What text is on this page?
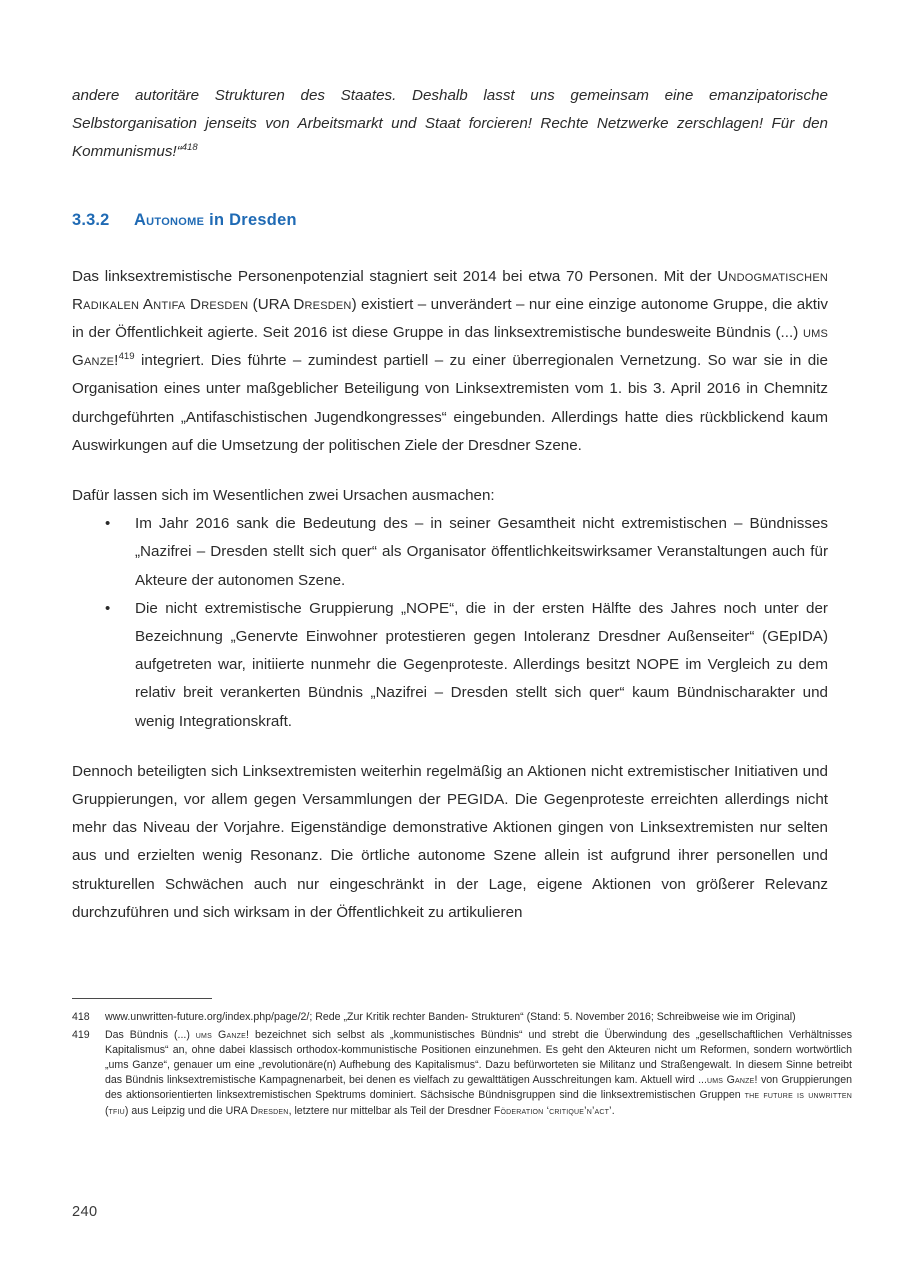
andere autoritäre Strukturen des Staates. Deshalb lasst uns gemeinsam eine emanzipatorische Selbstorganisation jenseits von Arbeitsmarkt und Staat forcieren! Rechte Netzwerke zerschlagen! Für den Kommunismus!“$^{418}$

3.3.2	Autonome in Dresden

Das linksextremistische Personenpotenzial stagniert seit 2014 bei etwa 70 Personen. Mit der Undogmatischen Radikalen Antifa Dresden (URA Dresden) existiert – unverändert – nur eine einzige autonome Gruppe, die aktiv in der Öffentlichkeit agierte. Seit 2016 ist diese Gruppe in das linksextremistische bundesweite Bündnis (...) ums Ganze!$^{419}$ integriert. Dies führte – zumindest partiell – zu einer überregionalen Vernetzung. So war sie in die Organisation eines unter maßgeblicher Beteiligung von Linksextremisten vom 1. bis 3. April 2016 in Chemnitz durchgeführten „Antifaschistischen Jugendkongresses“ eingebunden. Allerdings hatte dies rückblickend kaum Auswirkungen auf die Umsetzung der politischen Ziele der Dresdner Szene.

Dafür lassen sich im Wesentlichen zwei Ursachen ausmachen:

• Im Jahr 2016 sank die Bedeutung des – in seiner Gesamtheit nicht extremistischen – Bündnisses „Nazifrei – Dresden stellt sich quer“ als Organisator öffentlichkeitswirksamer Veranstaltungen auch für Akteure der autonomen Szene.
• Die nicht extremistische Gruppierung „NOPE“, die in der ersten Hälfte des Jahres noch unter der Bezeichnung „Genervte Einwohner protestieren gegen Intoleranz Dresdner Außenseiter“ (GEpIDA) aufgetreten war, initiierte nunmehr die Gegenproteste. Allerdings besitzt NOPE im Vergleich zu dem relativ breit verankerten Bündnis „Nazifrei – Dresden stellt sich quer“ kaum Bündnischarakter und wenig Integrationskraft.

Dennoch beteiligten sich Linksextremisten weiterhin regelmäßig an Aktionen nicht extremistischer Initiativen und Gruppierungen, vor allem gegen Versammlungen der PEGIDA. Die Gegenproteste erreichten allerdings nicht mehr das Niveau der Vorjahre. Eigenständige demonstrative Aktionen gingen von Linksextremisten nur selten aus und erzielten wenig Resonanz. Die örtliche autonome Szene allein ist aufgrund ihrer personellen und strukturellen Schwächen auch nur eingeschränkt in der Lage, eigene Aktionen von größerer Relevanz durchzuführen und sich wirksam in der Öffentlichkeit zu artikulieren

418	www.unwritten-future.org/index.php/page/2/; Rede „Zur Kritik rechter Banden- Strukturen“ (Stand: 5. November 2016; Schreibweise wie im Original)
419	Das Bündnis (...) ums Ganze! bezeichnet sich selbst als „kommunistisches Bündnis“ und strebt die Überwindung des „gesellschaftlichen Verhältnisses Kapitalismus“ an, ohne dabei klassisch orthodox-kommunistische Positionen einzunehmen. Es geht den Akteuren nicht um Reformen, sondern wortwörtlich „ums Ganze“, genauer um eine „revolutionäre(n) Aufhebung des Kapitalismus“. Dazu befürworteten sie Militanz und Straßengewalt. In diesem Sinne betreibt das Bündnis linksextremistische Kampagnenarbeit, bei denen es vielfach zu gewalttätigen Ausschreitungen kam. Aktuell wird ...ums Ganze! von Gruppierungen des aktionsorientierten linksextremistischen Spektrums dominiert. Sächsische Bündnisgruppen sind die linksextremistischen Gruppen the future is unwritten (tfiu) aus Leipzig und die URA Dresden, letztere nur mittelbar als Teil der Dresdner Föderation ‘critique’n’act’.
240
